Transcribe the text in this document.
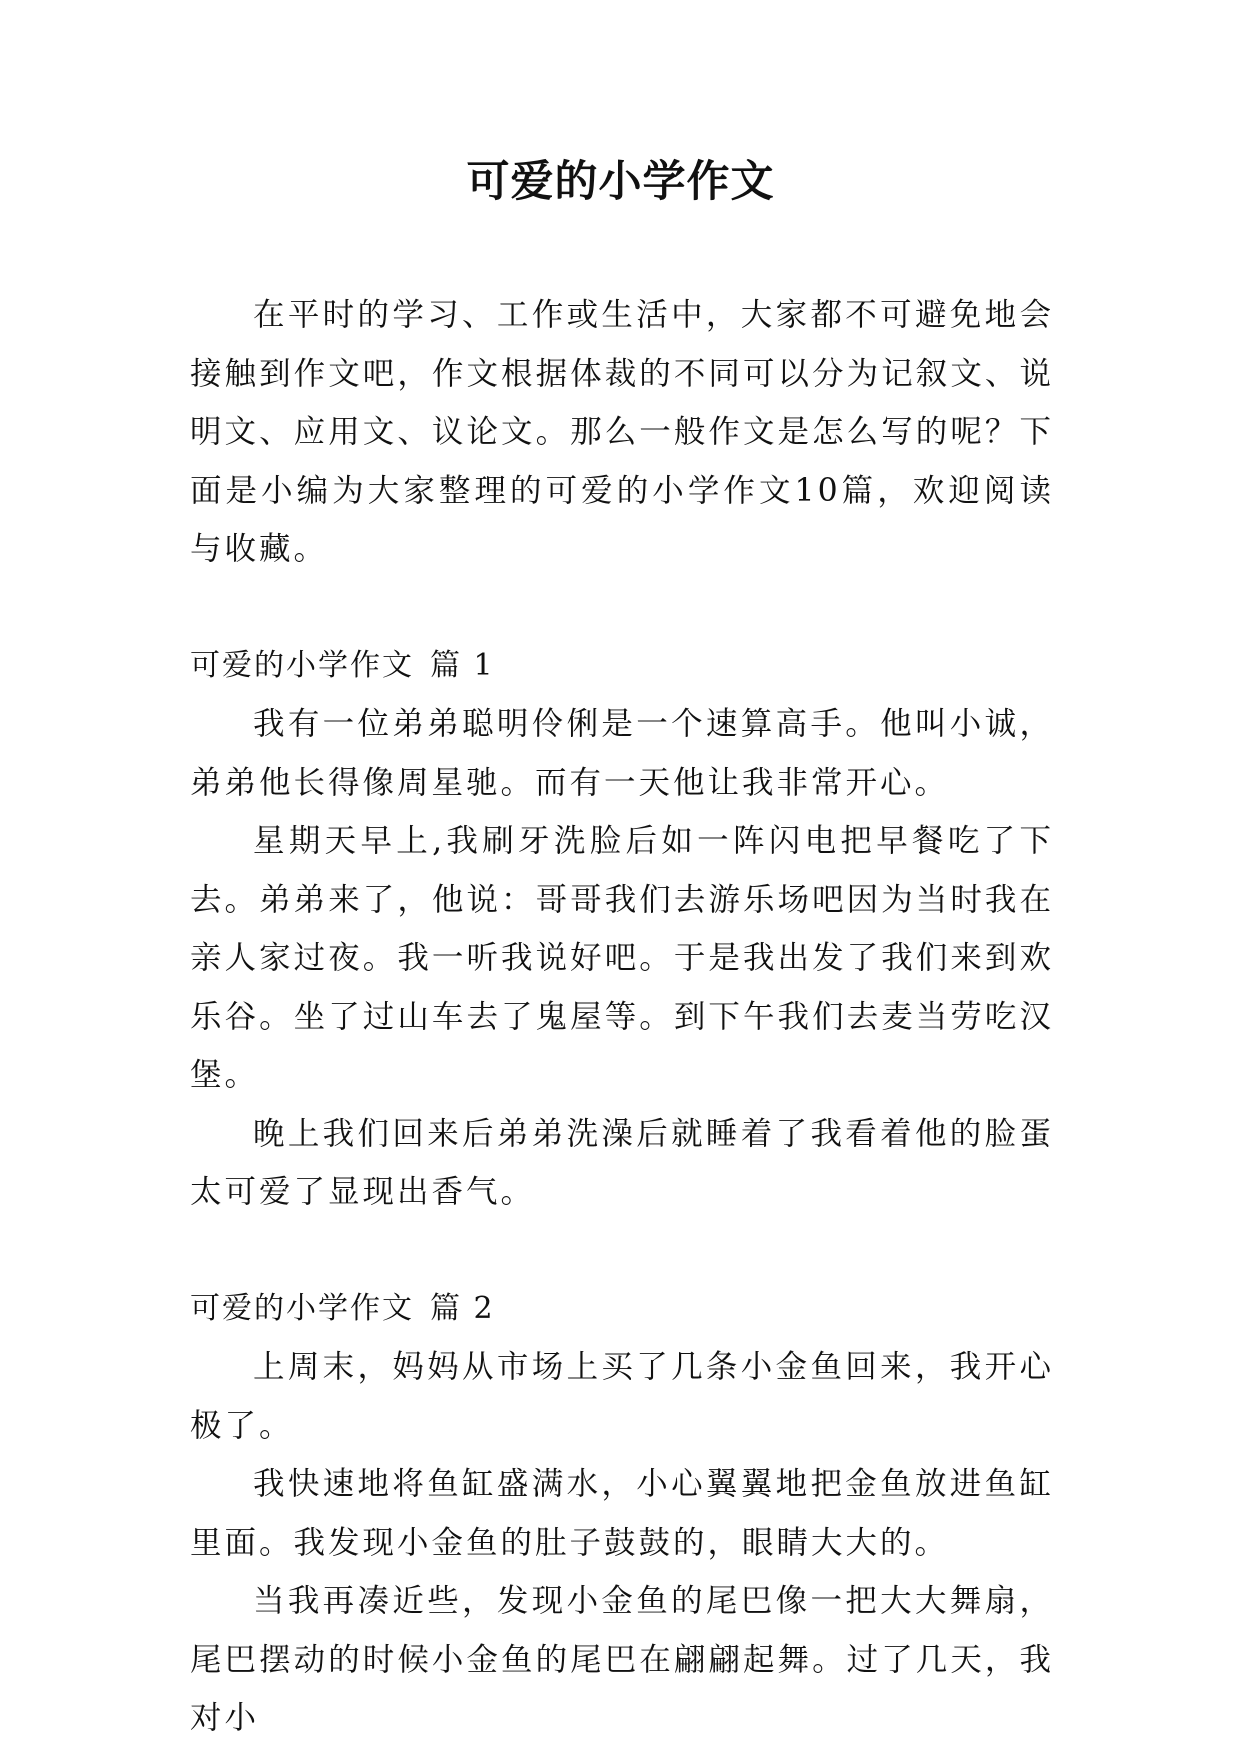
可爱的小学作文

在平时的学习、工作或生活中，大家都不可避免地会接触到作文吧，作文根据体裁的不同可以分为记叙文、说明文、应用文、议论文。那么一般作文是怎么写的呢？下面是小编为大家整理的可爱的小学作文10篇，欢迎阅读与收藏。

可爱的小学作文 篇 1

我有一位弟弟聪明伶俐是一个速算高手。他叫小诚，弟弟他长得像周星驰。而有一天他让我非常开心。

星期天早上,我刷牙洗脸后如一阵闪电把早餐吃了下去。弟弟来了，他说：哥哥我们去游乐场吧因为当时我在亲人家过夜。我一听我说好吧。于是我出发了我们来到欢乐谷。坐了过山车去了鬼屋等。到下午我们去麦当劳吃汉堡。

晚上我们回来后弟弟洗澡后就睡着了我看着他的脸蛋太可爱了显现出香气。

可爱的小学作文 篇 2

上周末，妈妈从市场上买了几条小金鱼回来，我开心极了。

我快速地将鱼缸盛满水，小心翼翼地把金鱼放进鱼缸里面。我发现小金鱼的肚子鼓鼓的，眼睛大大的。

当我再凑近些，发现小金鱼的尾巴像一把大大舞扇，尾巴摆动的时候小金鱼的尾巴在翩翩起舞。过了几天，我对小
